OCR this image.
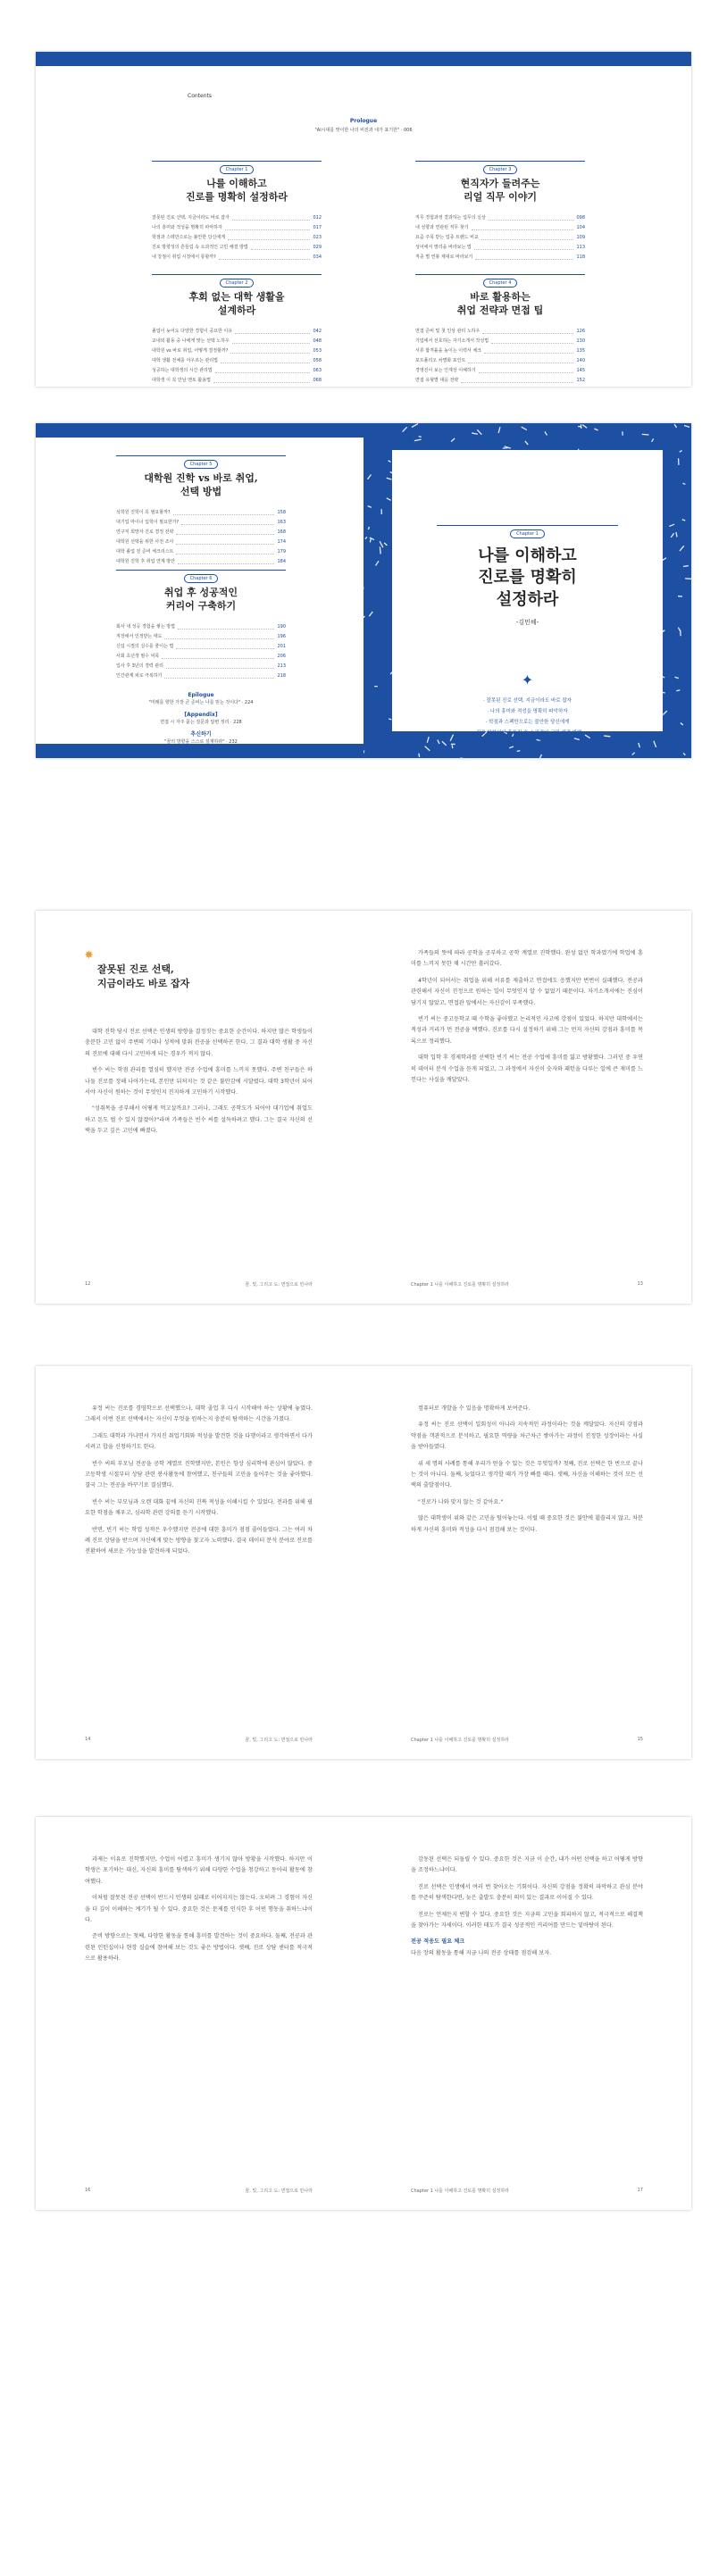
Contents
Prologue
"AI시대를 맞이한 나의 비전과 내가 표기한" · 006
Chapter 1
나를 이해하고
진로를 명확히 설정하라
잘못된 진로 선택, 지금이라도 바로 잡자	012
나의 흥미와 적성을 명확히 파악하자	017
학점과 스펙만으로는 불안한 당신에게	023
진로 방향성의 흔들림 속 소과적인 고민 해결 방법	029
내 강점이 취업 시장에서 통할까?	034
Chapter 2
후회 없는 대학 생활을
설계하라
졸업이 늦어도 다양한 경험이 중요한 이유	042
교내외 활동 중 나에게 맞는 선택 노하우	048
대학원 vs 바로 취업, 어떻게 결정할까?	053
대학 생활 전체를 아우르는 관리법	058
성공하는 대학생의 시간 관리법	063
대학생 이 꼭 만날 멘토 활용법	068
Chapter 3
현직자가 들려주는
리얼 직무 이야기
직무 경험과정 결과하는 업무의 실상	098
내 성향과 연관된 직무 찾기	104
요즘 주목 받는 업종 트렌드 비교	109
성어에서 멀리을 바라보는 법	113
직종 별 연봉 제대로 바라보기	118
Chapter 4
바로 활용하는
취업 전략과 면접 팁
면접 준비 및 첫 인상 관리 노하우	126
기업에서 선호하는 자기소개서 작성법	130
서류 합격률을 높이는 이력서 체크	135
포트폴리오 차별화 포인트	140
경영진이 보는 인재상 이해하기	145
면접 유형별 대응 전략	152
Chapter 5
대학원 진학 vs 바로 취업,
선택 방법
석학원 진학이 꼭 필요할까?	158
대기업 마이너 입학이 필요한가?	163
연구직 희망자 진로 결정 전략	168
대학원 선택을 위한 사전 조사	174
대학 졸업 전 준비 체크리스트	179
대학원 진학 후 취업 연계 방안	184
Chapter 6
취업 후 성공적인
커리어 구축하기
회사 내 성공 경험을 쌓는 방법	190
직장에서 인정받는 태도	196
신입 시절의 실수를 줄이는 법	201
사회 초년생 필수 덕목	206
입사 후 3년의 경력 관리	213
인간관계 피로 극복하기	218
Epilogue
"미래를 향한 가장 큰 준비는 나를 믿는 것이다" · 224
[Appendix]
면접 시 자주 묻는 질문과 답변 정리 · 228
추신하기
"꿈의 방향을 스스로 설계하라" · 232
Chapter 1
나를 이해하고
진로를 명확히
설정하라
-김민혜-
✦
· 잘못된 진로 선택, 지금이라도 바로 잡자
· 나의 흥미와 적성을 명확히 파악하자
· 학점과 스펙만으로는 불안한 당신에게
· 진로 방향성의 흔들림 속 소과적인 고민 해결 방법
· 내 강점이 취업 시장에서 통할까?

✸
잘못된 진로 선택,
지금이라도 바로 잡자

대학 진학 당시 진로 선택은 인생의 방향을 결정짓는 중요한 순간이다. 하지만 많은 학생들이 충분한 고민 없이 주변의 기대나 성적에 맞춰 전공을 선택하곤 한다. 그 결과 대학 생활 중 자신의 진로에 대해 다시 고민하게 되는 경우가 적지 않다.

빈수 씨는 학점 관리를 열심히 했지만 전공 수업에 흥미를 느끼지 못했다. 주변 친구들은 하나둘 진로를 정해 나아가는데, 본인만 뒤처지는 것 같은 불안감에 시달렸다. 대학 3학년이 되어서야 자신이 원하는 것이 무엇인지 진지하게 고민하기 시작했다.

"성취목을 공부해서 어떻게 먹고살까요? 그러나, 그래도 공학도가 되어야 대기업에 취업도 하고 돈도 벌 수 있지 않겠어?"라며 가족들은 빈수 씨를 설득하려고 했다. 그는 결국 자신의 선택을 두고 깊은 고민에 빠졌다.

가족들의 뜻에 따라 공학을 공부하고 공학 계열로 진학했다. 완성 없던 학과였기에 학업에 흥미를 느끼지 못한 채 시간만 흘러갔다.

4학년이 되어서는 취업을 위해 서류를 제출하고 면접에도 응했지만 번번이 실패했다. 전공과 관련해서 자신이 진정으로 원하는 일이 무엇인지 알 수 없었기 때문이다. 자기소개서에는 진심이 담기지 않았고, 면접관 앞에서는 자신감이 부족했다.

빈기 씨는 중고등학교 때 수학을 좋아했고 논리적인 사고에 강점이 있었다. 하지만 대학에서는 적성과 거리가 먼 전공을 택했다. 진로를 다시 설정하기 위해 그는 먼저 자신의 강점과 흥미를 목록으로 정리했다.

대학 입학 후 경제학과를 선택한 빈기 씨는 전공 수업에 흥미를 잃고 방황했다. 그러던 중 우연히 데이터 분석 수업을 듣게 되었고, 그 과정에서 자신이 숫자와 패턴을 다루는 일에 큰 재미를 느낀다는 사실을 깨달았다.

12	꿈, 빛, 그리고 도: 면접으로 만나라	Chapter 1 나를 이해하고 진로를 명확히 설정하라	13

유정 씨는 진로를 경영학으로 선택했으나, 대학 졸업 후 다시 시작해야 하는 상황에 놓였다. 그래서 이번 진로 선택에서는 자신이 무엇을 원하는지 충분히 탐색하는 시간을 가졌다.

그래도 대학과 가나면서 가지진 취업기회와 적성을 발견한 것을 다행이라고 생각하면서 다가서려고 합을 신청하기도 한다.

빈수 씨의 부모님 전공을 공학 계열로 진학했지만, 본인은 항상 심리학에 관심이 많았다. 중고등학생 시절부터 상담 관련 봉사활동에 참여했고, 친구들의 고민을 들어주는 것을 좋아했다. 결국 그는 전공을 바꾸기로 결심했다.

빈수 씨는 부모님과 오랜 대화 끝에 자신의 진짜 적성을 이해시킬 수 있었다. 전과를 위해 필요한 학점을 채우고, 심리학 관련 강의를 듣기 시작했다.

반면, 빈기 씨는 학업 성적은 우수했지만 전공에 대한 흥미가 점점 줄어들었다. 그는 여러 차례 진로 상담을 받으며 자신에게 맞는 방향을 찾고자 노력했다. 결국 데이터 분석 분야로 진로를 전환하여 새로운 가능성을 발견하게 되었다.

컴퓨터로 개발을 수 있음을 명확하게 보여준다.

유정 씨는 진로 선택이 일회성이 아니라 지속적인 과정이라는 것을 깨달았다. 자신의 강점과 약점을 객관적으로 분석하고, 필요한 역량을 차근차근 쌓아가는 과정이 진정한 성장이라는 사실을 받아들였다.

위 세 명의 사례를 통해 우리가 얻을 수 있는 것은 무엇일까? 첫째, 진로 선택은 한 번으로 끝나는 것이 아니다. 둘째, 늦었다고 생각할 때가 가장 빠를 때다. 셋째, 자신을 이해하는 것이 모든 선택의 출발점이다.

"진로가 나와 맞지 않는 것 같아요."

많은 대학생이 위와 같은 고민을 털어놓는다. 이럴 때 중요한 것은 불안에 휩쓸리지 않고, 차분하게 자신의 흥미와 적성을 다시 점검해 보는 것이다.

14	꿈, 빛, 그리고 도: 면접으로 만나라	Chapter 1 나를 이해하고 진로를 명확히 설정하라	15

과제는 이유로 진학했지만, 수업이 어렵고 흥미가 생기지 않아 방황을 시작했다. 하지만 이 학생은 포기하는 대신, 자신의 흥미를 탐색하기 위해 다양한 수업을 청강하고 동아리 활동에 참여했다.

이처럼 잘못된 전공 선택이 반드시 인생의 실패로 이어지지는 않는다. 오히려 그 경험이 자신을 더 깊이 이해하는 계기가 될 수 있다. 중요한 것은 문제를 인식한 후 어떤 행동을 취하느냐이다.

준비 방향으로는 첫째, 다양한 활동을 통해 흥미를 발견하는 것이 중요하다. 둘째, 전공과 관련된 인턴십이나 현장 실습에 참여해 보는 것도 좋은 방법이다. 셋째, 진로 상담 센터를 적극적으로 활용하라.

감동된 선택은 되돌릴 수 있다. 중요한 것은 지금 이 순간, 내가 어떤 선택을 하고 어떻게 방향을 조정하느냐이다.

진로 선택은 인생에서 여러 번 찾아오는 기회이다. 자신의 강점을 정확히 파악하고 관심 분야를 꾸준히 탐색한다면, 늦은 출발도 충분히 의미 있는 결과로 이어질 수 있다.

진로는 언제든지 변할 수 있다. 중요한 것은 지금의 고민을 회피하지 않고, 적극적으로 해결책을 찾아가는 자세이다. 이러한 태도가 결국 성공적인 커리어를 만드는 밑바탕이 된다.

전공 적응도 필요 체크

다음 장의 활동을 통해 지금 나의 전공 상태를 점검해 보자.

16	꿈, 빛, 그리고 도: 면접으로 만나라	Chapter 1 나를 이해하고 진로를 명확히 설정하라	17
